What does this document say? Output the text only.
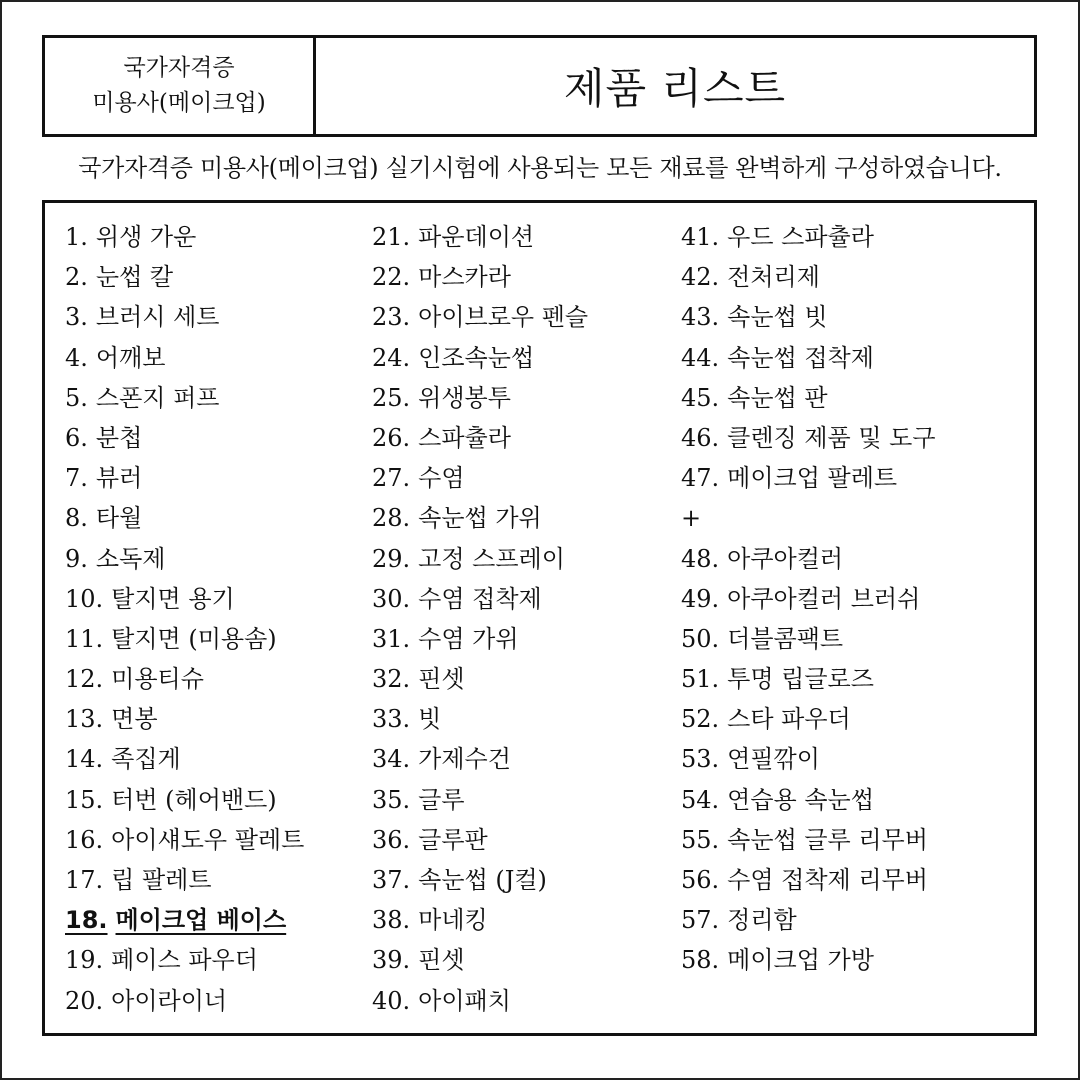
국가자격증
미용사(메이크업)	제품 리스트
국가자격증 미용사(메이크업) 실기시험에 사용되는 모든 재료를 완벽하게 구성하였습니다.
1. 위생 가운
2. 눈썹 칼
3. 브러시 세트
4. 어깨보
5. 스폰지 퍼프
6. 분첩
7. 뷰러
8. 타월
9. 소독제
10. 탈지면 용기
11. 탈지면 (미용솜)
12. 미용티슈
13. 면봉
14. 족집게
15. 터번 (헤어밴드)
16. 아이섀도우 팔레트
17. 립 팔레트
18. 메이크업 베이스
19. 페이스 파우더
20. 아이라이너
21. 파운데이션
22. 마스카라
23. 아이브로우 펜슬
24. 인조속눈썹
25. 위생봉투
26. 스파츌라
27. 수염
28. 속눈썹 가위
29. 고정 스프레이
30. 수염 접착제
31. 수염 가위
32. 핀셋
33. 빗
34. 가제수건
35. 글루
36. 글루판
37. 속눈썹 (J컬)
38. 마네킹
39. 핀셋
40. 아이패치
41. 우드 스파츌라
42. 전처리제
43. 속눈썹 빗
44. 속눈썹 접착제
45. 속눈썹 판
46. 클렌징 제품 및 도구
47. 메이크업 팔레트
+
48. 아쿠아컬러
49. 아쿠아컬러 브러쉬
50. 더블콤팩트
51. 투명 립글로즈
52. 스타 파우더
53. 연필깎이
54. 연습용 속눈썹
55. 속눈썹 글루 리무버
56. 수염 접착제 리무버
57. 정리함
58. 메이크업 가방
